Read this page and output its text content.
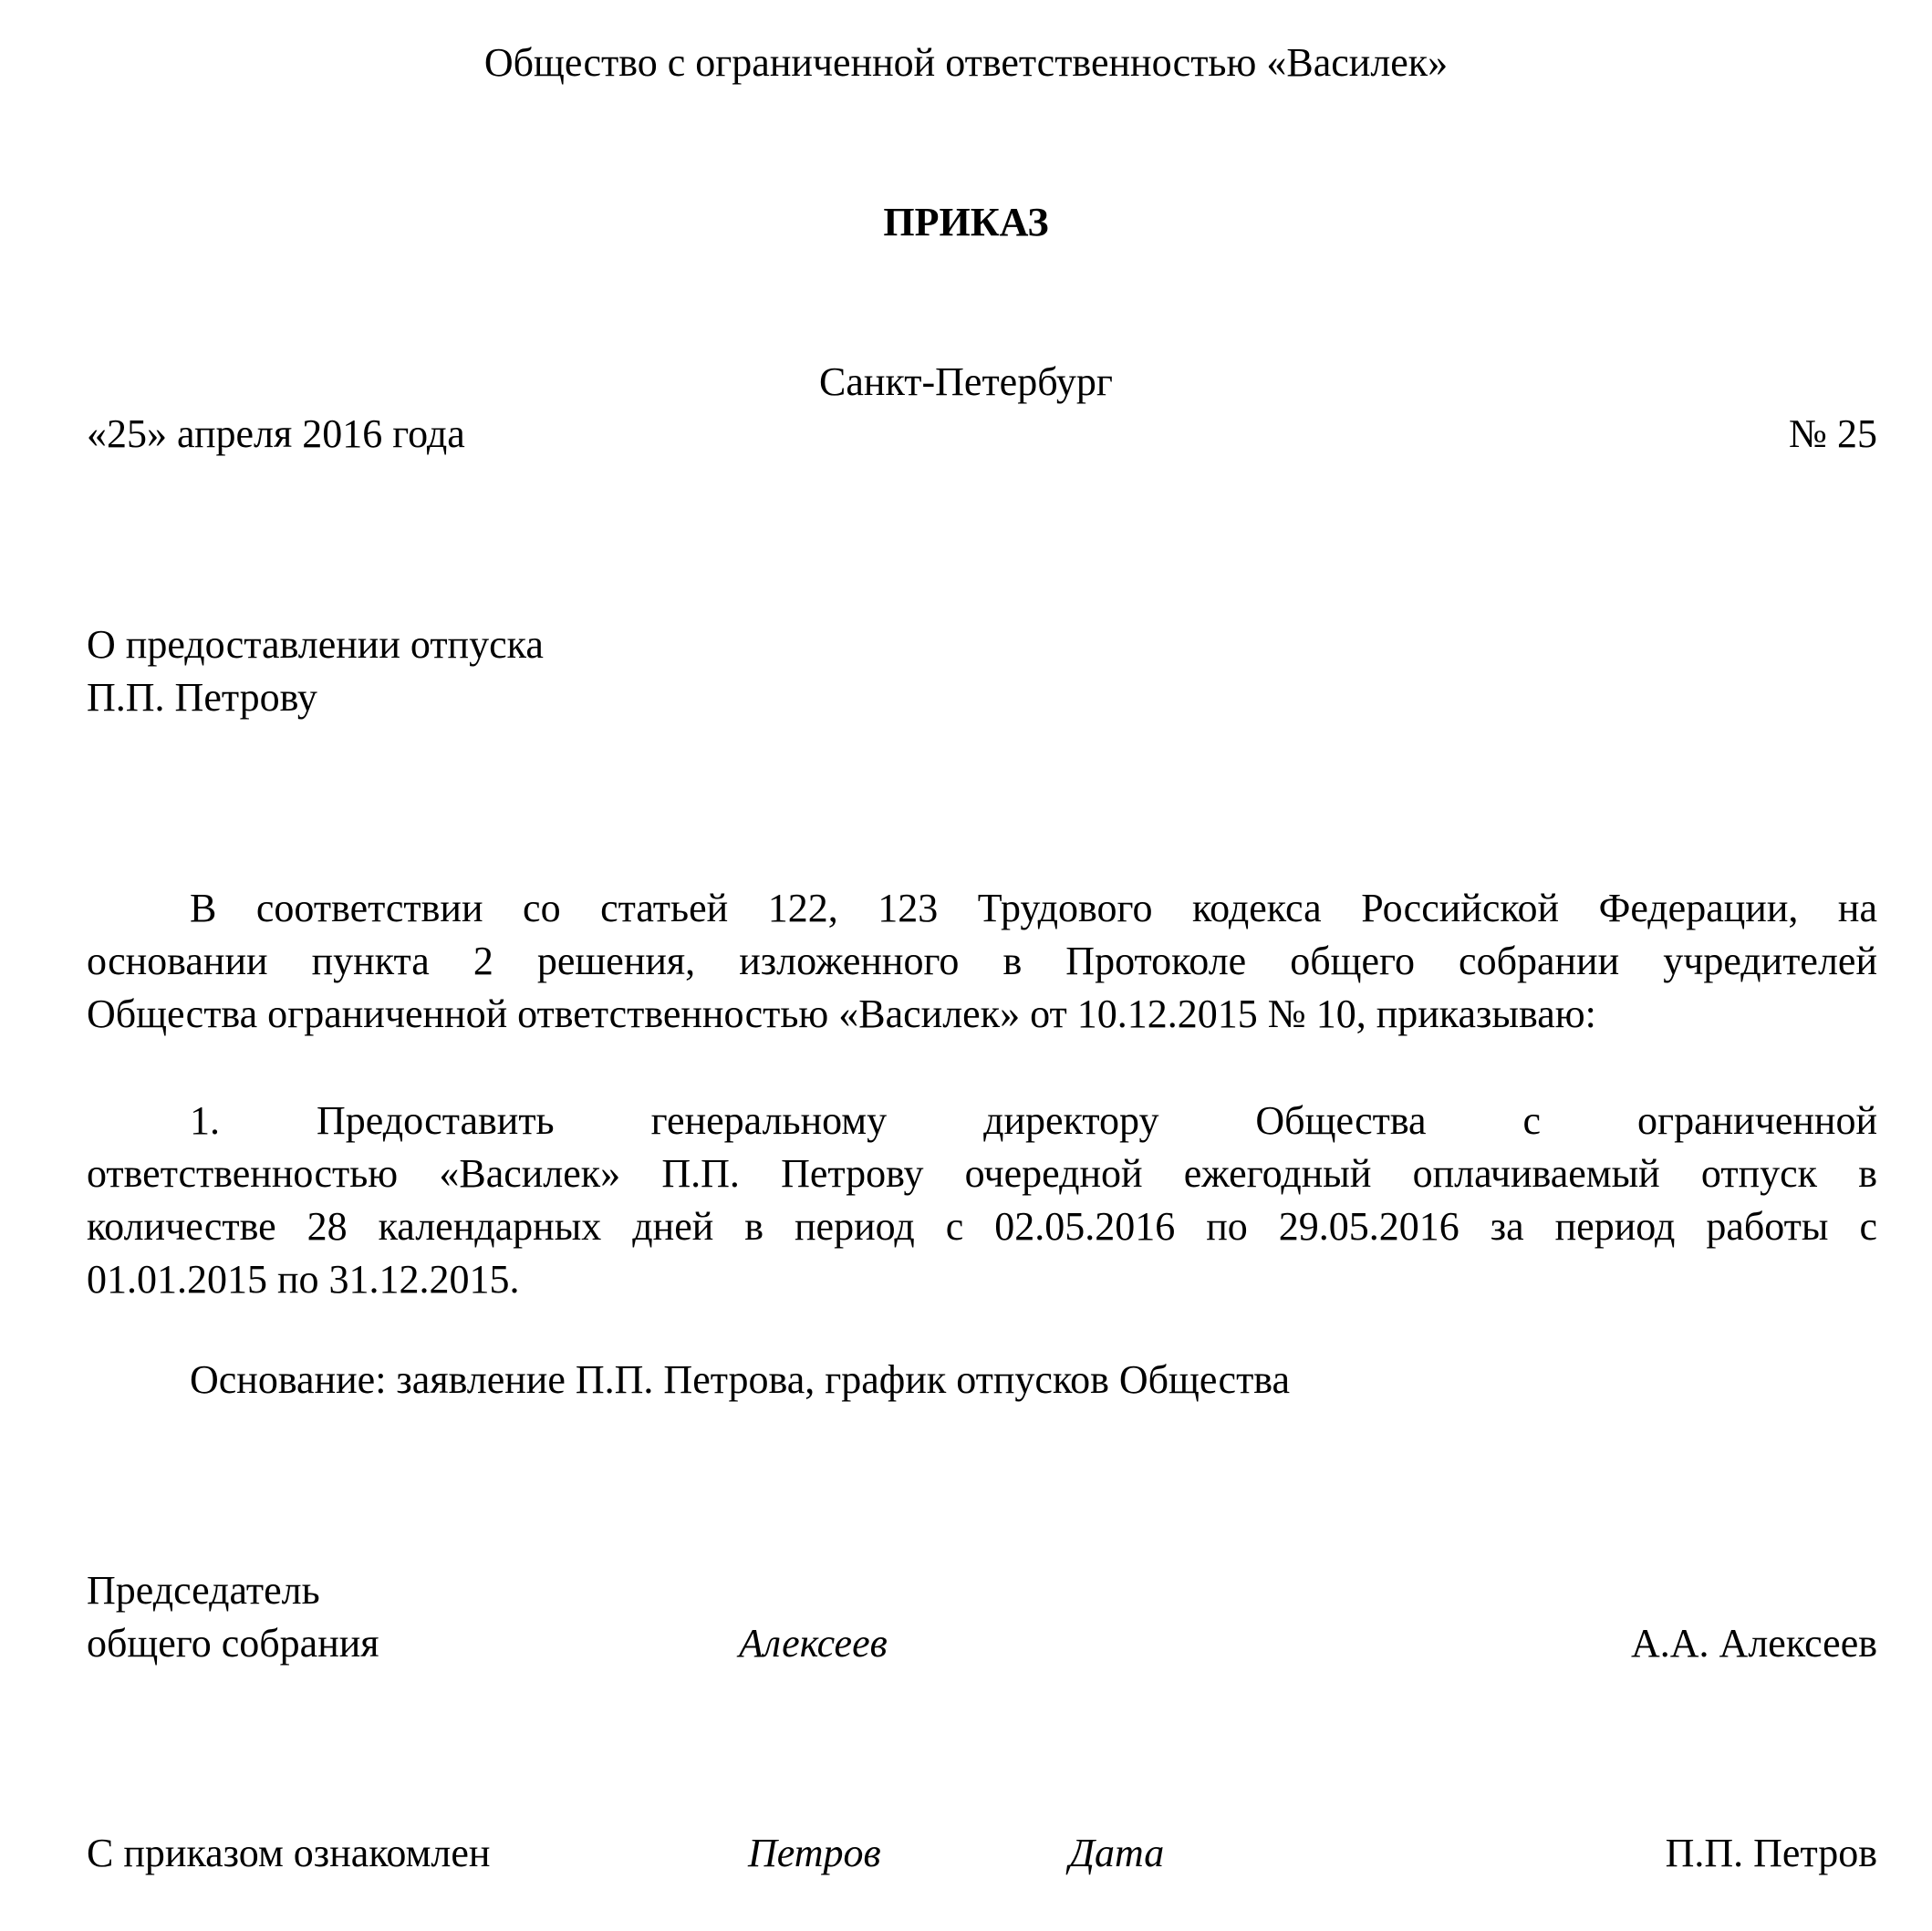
Общество с ограниченной ответственностью «Василек»
ПРИКАЗ
Санкт-Петербург
«25» апреля 2016 года	№ 25
О предоставлении отпуска
П.П. Петрову
В соответствии со статьей 122, 123 Трудового кодекса Российской Федерации, на
основании пункта 2 решения, изложенного в Протоколе общего собрании учредителей
Общества ограниченной ответственностью «Василек» от 10.12.2015 № 10, приказываю:
1. Предоставить генеральному директору Общества с ограниченной
ответственностью «Василек» П.П. Петрову очередной ежегодный оплачиваемый отпуск в
количестве 28 календарных дней в период с 02.05.2016 по 29.05.2016 за период работы с
01.01.2015 по 31.12.2015.
Основание: заявление П.П. Петрова, график отпусков Общества
Председатель
общего собрания	Алексеев	А.А. Алексеев
С приказом ознакомлен	Петров	Дата	П.П. Петров
